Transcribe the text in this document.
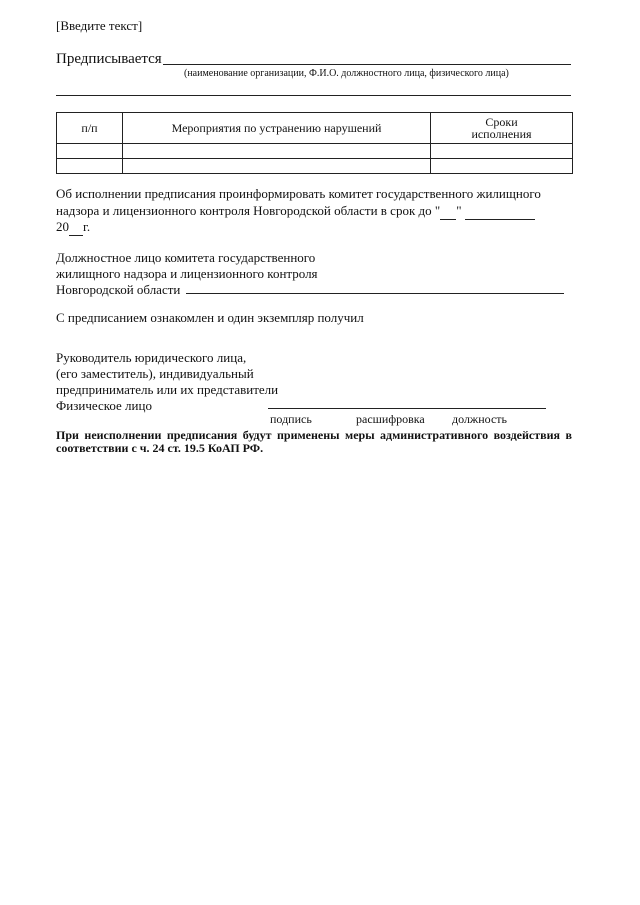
[Введите текст]
Предписывается
(наименование организации, Ф.И.О. должностного лица, физического лица)
п/п	Мероприятия по устранению нарушений	Сроки исполнения

Об исполнении предписания проинформировать комитет государственного жилищного
надзора и лицензионного контроля Новгородской области в срок до " "
20 г.
Должностное лицо комитета государственного
жилищного надзора и лицензионного контроля
Новгородской области
С предписанием ознакомлен и один экземпляр получил
Руководитель юридического лица,
(его заместитель), индивидуальный
предприниматель или их представители
Физическое лицо
подпись	расшифровка должность
При неисполнении предписания будут применены меры административного воздействия в
соответствии с ч. 24 ст. 19.5 КоАП РФ.
